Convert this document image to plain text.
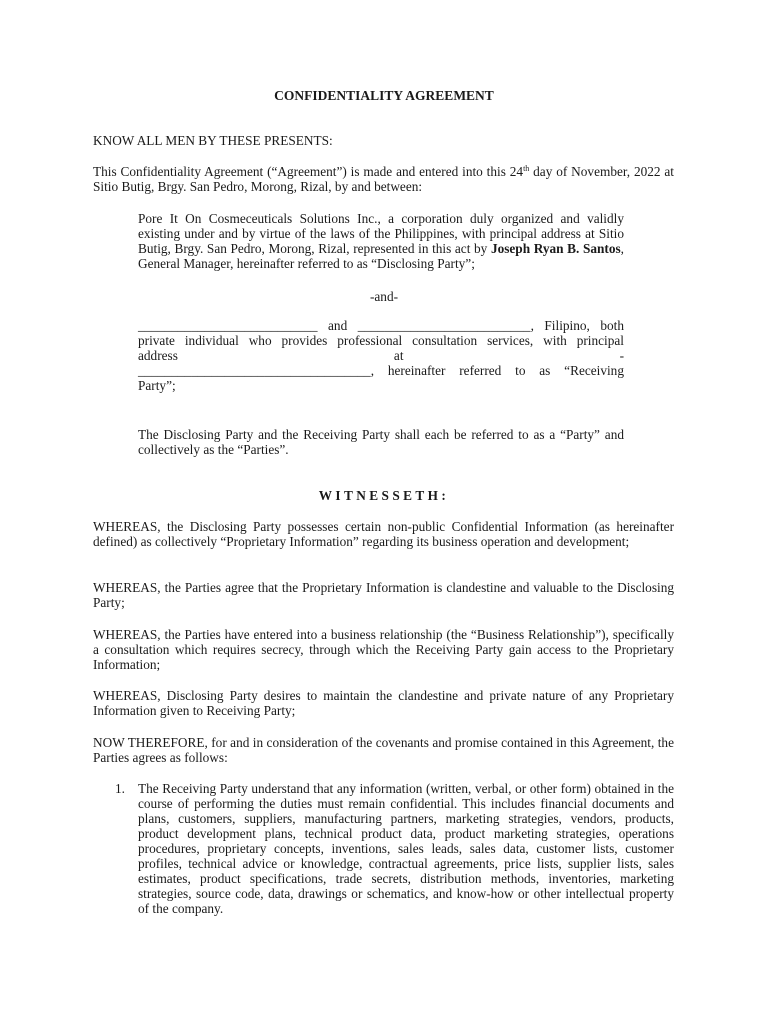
CONFIDENTIALITY AGREEMENT

KNOW ALL MEN BY THESE PRESENTS:

This Confidentiality Agreement (“Agreement”) is made and entered into this 24th day of November, 2022 at Sitio Butig, Brgy. San Pedro, Morong, Rizal, by and between:

Pore It On Cosmeceuticals Solutions Inc., a corporation duly organized and validly existing under and by virtue of the laws of the Philippines, with principal address at Sitio Butig, Brgy. San Pedro, Morong, Rizal, represented in this act by Joseph Ryan B. Santos, General Manager, hereinafter referred to as “Disclosing Party”;

-and-

___________________________ and __________________________, Filipino, both
private individual who provides professional consultation services, with principal
address	at	-
___________________________________, hereinafter referred to as “Receiving
Party”;

The Disclosing Party and the Receiving Party shall each be referred to as a “Party” and collectively as the “Parties”.

WITNESSETH:

WHEREAS, the Disclosing Party possesses certain non-public Confidential Information (as hereinafter defined) as collectively “Proprietary Information” regarding its business operation and development;

WHEREAS, the Parties agree that the Proprietary Information is clandestine and valuable to the Disclosing Party;

WHEREAS, the Parties have entered into a business relationship (the “Business Relationship”), specifically a consultation which requires secrecy, through which the Receiving Party gain access to the Proprietary Information;

WHEREAS, Disclosing Party desires to maintain the clandestine and private nature of any Proprietary Information given to Receiving Party;

NOW THEREFORE, for and in consideration of the covenants and promise contained in this Agreement, the Parties agrees as follows:

1. The Receiving Party understand that any information (written, verbal, or other form) obtained in the course of performing the duties must remain confidential. This includes financial documents and plans, customers, suppliers, manufacturing partners, marketing strategies, vendors, products, product development plans, technical product data, product marketing strategies, operations procedures, proprietary concepts, inventions, sales leads, sales data, customer lists, customer profiles, technical advice or knowledge, contractual agreements, price lists, supplier lists, sales estimates, product specifications, trade secrets, distribution methods, inventories, marketing strategies, source code, data, drawings or schematics, and know-how or other intellectual property of the company.
